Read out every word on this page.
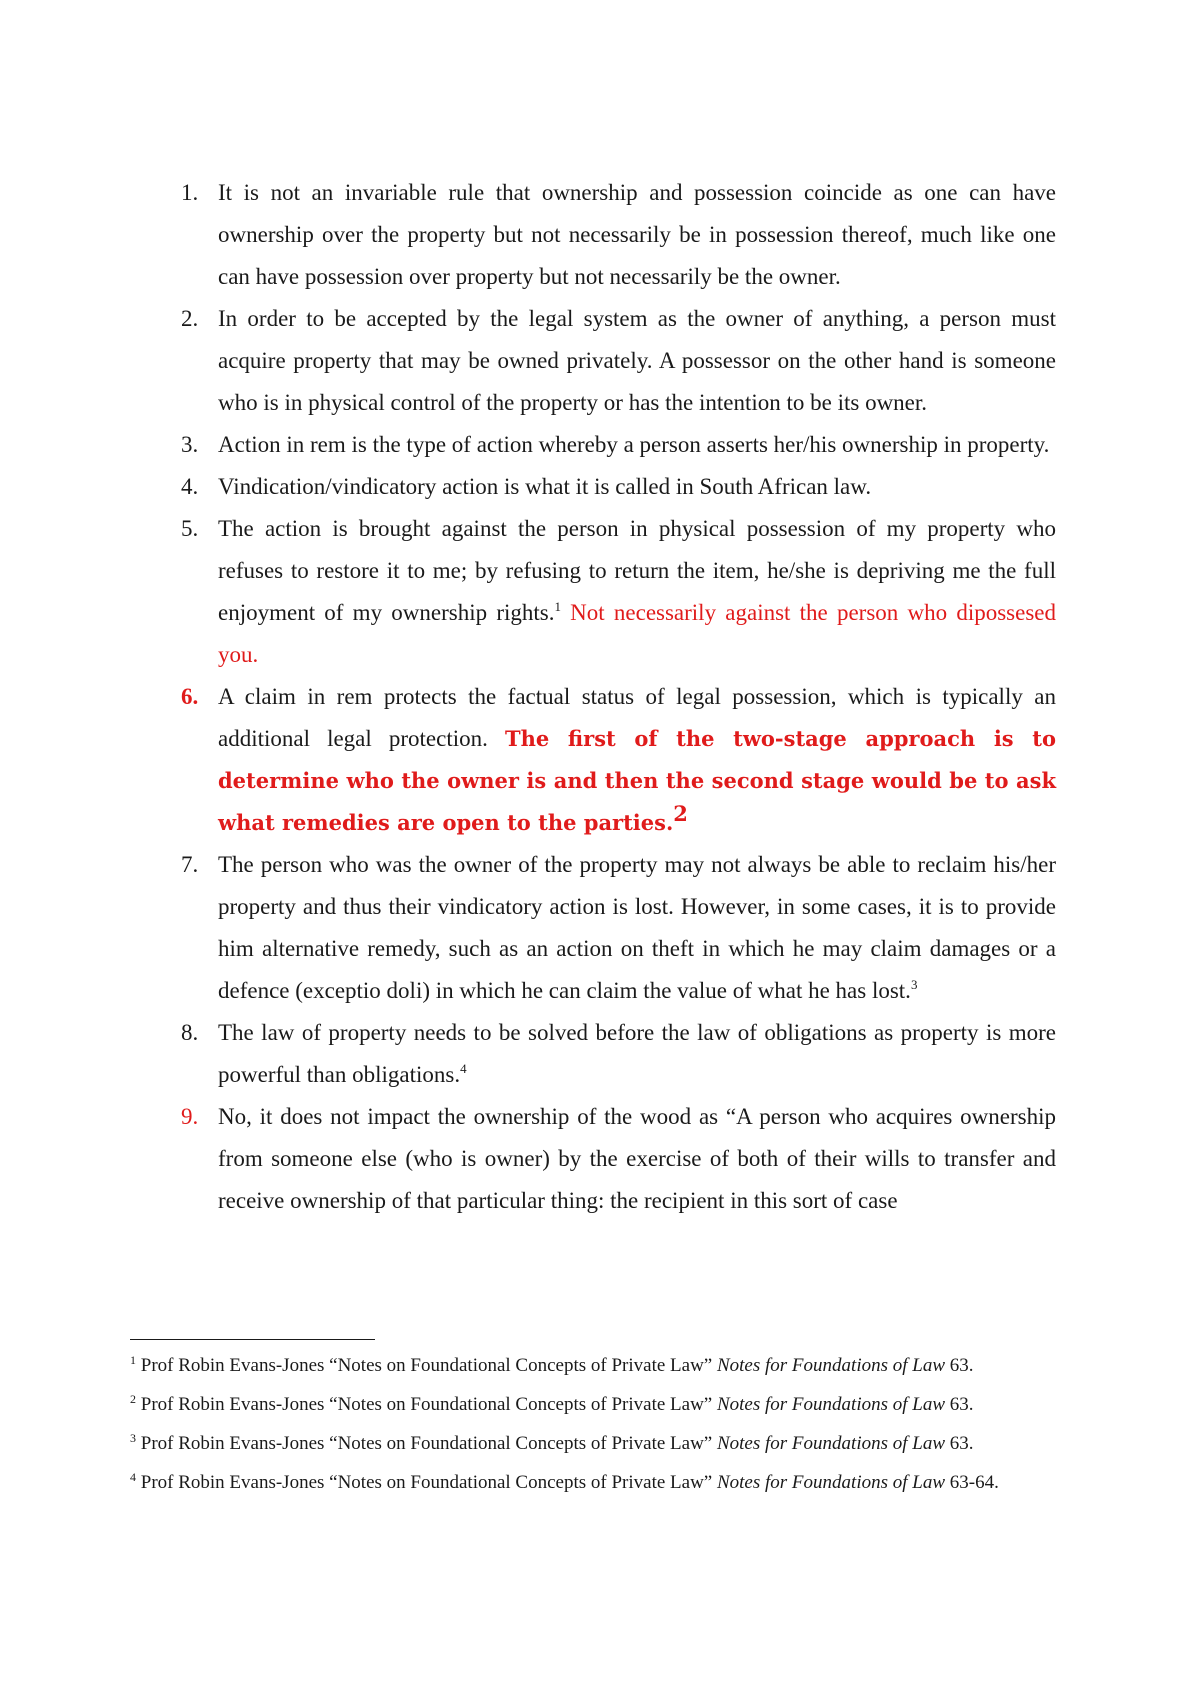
1. It is not an invariable rule that ownership and possession coincide as one can have ownership over the property but not necessarily be in possession thereof, much like one can have possession over property but not necessarily be the owner.
2. In order to be accepted by the legal system as the owner of anything, a person must acquire property that may be owned privately. A possessor on the other hand is someone who is in physical control of the property or has the intention to be its owner.
3. Action in rem is the type of action whereby a person asserts her/his ownership in property.
4. Vindication/vindicatory action is what it is called in South African law.
5. The action is brought against the person in physical possession of my property who refuses to restore it to me; by refusing to return the item, he/she is depriving me the full enjoyment of my ownership rights.$^1$ Not necessarily against the person who dipossesed you.
6. A claim in rem protects the factual status of legal possession, which is typically an additional legal protection. The first of the two-stage approach is to determine who the owner is and then the second stage would be to ask what remedies are open to the parties.$^2$
7. The person who was the owner of the property may not always be able to reclaim his/her property and thus their vindicatory action is lost. However, in some cases, it is to provide him alternative remedy, such as an action on theft in which he may claim damages or a defence (exceptio doli) in which he can claim the value of what he has lost.$^3$
8. The law of property needs to be solved before the law of obligations as property is more powerful than obligations.$^4$
9. No, it does not impact the ownership of the wood as “A person who acquires ownership from someone else (who is owner) by the exercise of both of their wills to transfer and receive ownership of that particular thing: the recipient in this sort of case

$^1$ Prof Robin Evans-Jones “Notes on Foundational Concepts of Private Law” Notes for Foundations of Law 63.

$^2$ Prof Robin Evans-Jones “Notes on Foundational Concepts of Private Law” Notes for Foundations of Law 63.

$^3$ Prof Robin Evans-Jones “Notes on Foundational Concepts of Private Law” Notes for Foundations of Law 63.

$^4$ Prof Robin Evans-Jones “Notes on Foundational Concepts of Private Law” Notes for Foundations of Law 63-64.
